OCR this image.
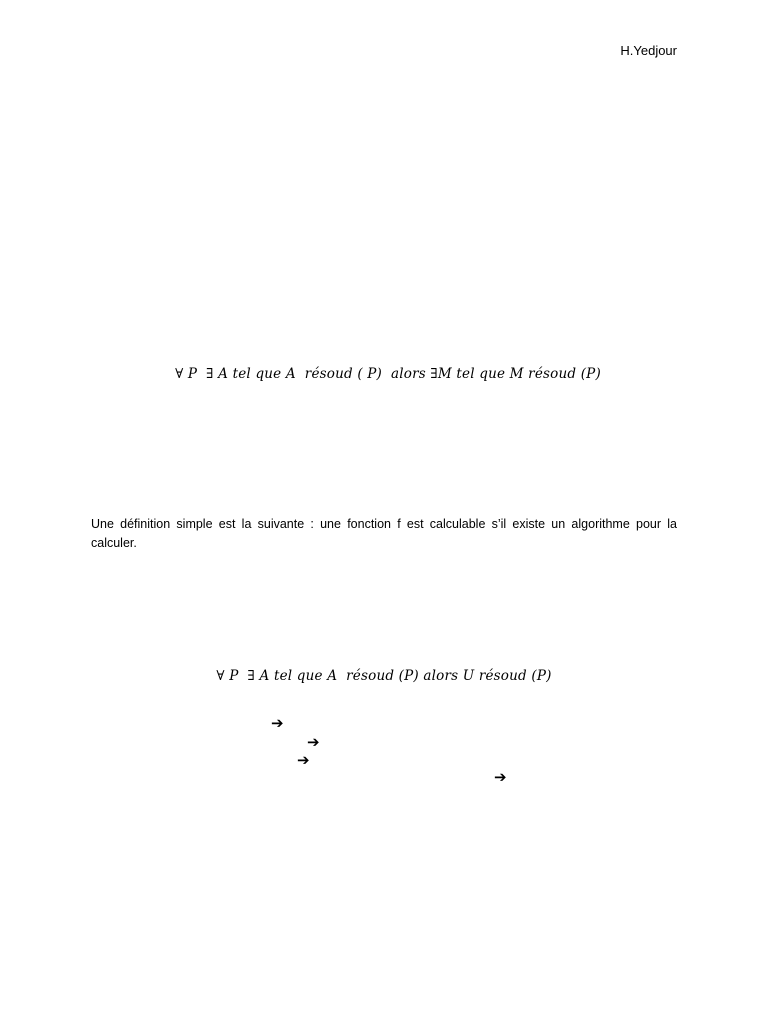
H.Yedjour
∀ 𝑃  ∃ 𝐴 𝑡𝑒𝑙 𝑞𝑢𝑒 𝐴  𝑟é𝑠𝑜𝑢𝑑 ( 𝑃)  𝑎𝑙𝑜𝑟𝑠 ∃𝑀 𝑡𝑒𝑙 𝑞𝑢𝑒 𝑀 𝑟é𝑠𝑜𝑢𝑑 (𝑃)
Une définition simple est la suivante : une fonction f est calculable s’il existe un algorithme pour la calculer.
∀ 𝑃  ∃ 𝐴 𝑡𝑒𝑙 𝑞𝑢𝑒 𝐴  𝑟é𝑠𝑜𝑢𝑑 (𝑃) 𝑎𝑙𝑜𝑟𝑠 𝑈 𝑟é𝑠𝑜𝑢𝑑 (𝑃)
➔
➔
➔
➔
